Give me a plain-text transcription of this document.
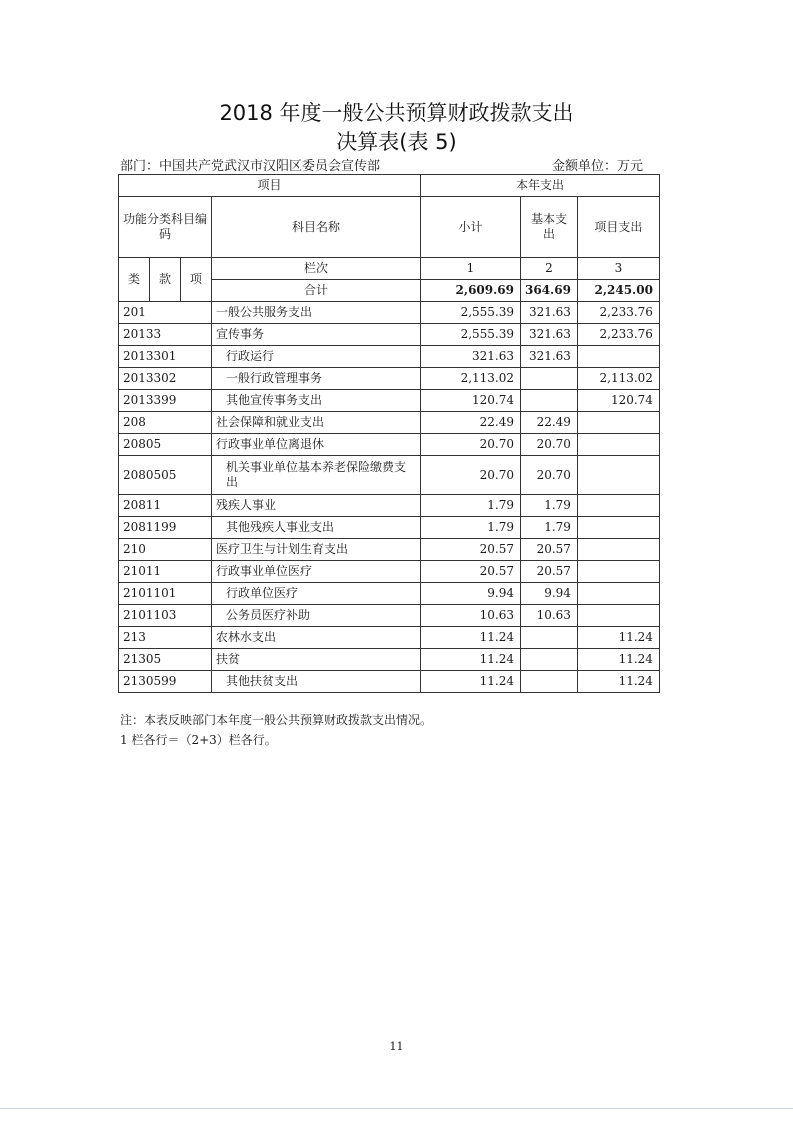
2018 年度一般公共预算财政拨款支出
决算表(表 5)
部门：中国共产党武汉市汉阳区委员会宣传部	金额单位：万元
项目				本年支出		
功能分类科目编码			科目名称	小计	基本支出	项目支出
类	款	项	栏次	1	2	3
			合计	2,609.69	364.69	2,245.00
201			一般公共服务支出	2,555.39	321.63	2,233.76
20133			宣传事务	2,555.39	321.63	2,233.76
2013301			行政运行	321.63	321.63	
2013302			一般行政管理事务	2,113.02		2,113.02
2013399			其他宣传事务支出	120.74		120.74
208			社会保障和就业支出	22.49	22.49	
20805			行政事业单位离退休	20.70	20.70	
2080505			机关事业单位基本养老保险缴费支出	20.70	20.70	
20811			残疾人事业	1.79	1.79	
2081199			其他残疾人事业支出	1.79	1.79	
210			医疗卫生与计划生育支出	20.57	20.57	
21011			行政事业单位医疗	20.57	20.57	
2101101			行政单位医疗	9.94	9.94	
2101103			公务员医疗补助	10.63	10.63	
213			农林水支出	11.24		11.24
21305			扶贫	11.24		11.24
2130599			其他扶贫支出	11.24		11.24
注：本表反映部门本年度一般公共预算财政拨款支出情况。
1 栏各行＝（2+3）栏各行。
11
